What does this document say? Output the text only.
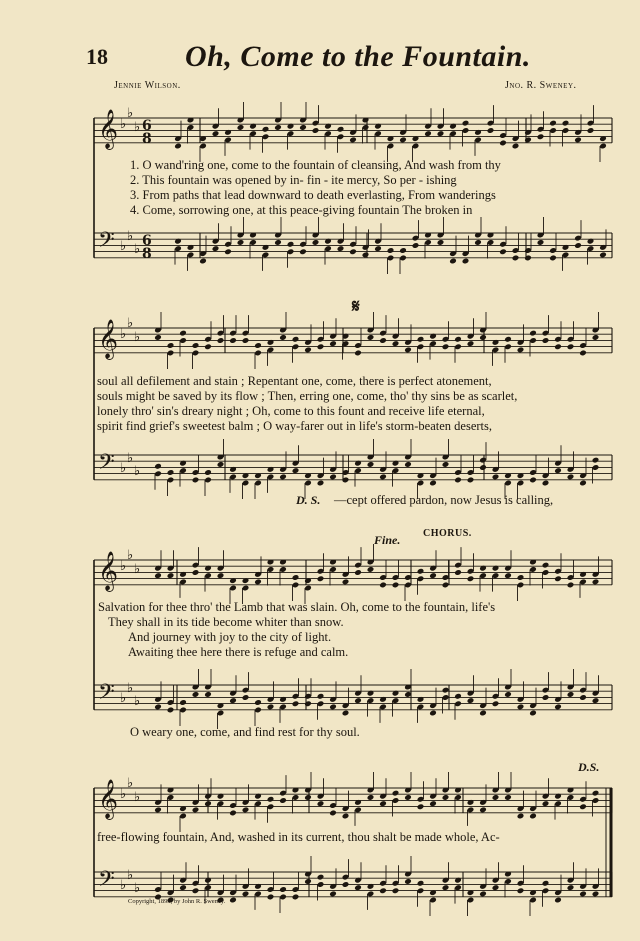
18	Oh, Come to the Fountain.
Jennie Wilson.	Jno. R. Sweney.
𝄞
𝄢
♭
♭
♭
♭
♭
♭
6
8
6
8
𝄞
𝄢
♭
♭
♭
♭
♭
♭
𝄞
𝄢
♭
♭
♭
♭
♭
♭
𝄞
𝄢
♭
♭
♭
♭
♭
♭
1. O wand'ring one, come to the fountain of cleansing, And wash from thy
2. This fountain was opened by in- fin - ite mercy, So per - ishing
3. From paths that lead downward to death everlasting, From wanderings
4. Come, sorrowing one, at this peace-giving fountain The broken in
𝄋
soul all defilement and stain ; Repentant one, come, there is perfect atonement,
souls might be saved by its flow ; Then, erring one, come, tho' thy sins be as scarlet,
lonely thro' sin's dreary night ; Oh, come to this fount and receive life eternal,
spirit find grief's sweetest balm ; O way-farer out in life's storm-beaten deserts,
D. S. —cept offered pardon, now Jesus is calling,
Fine. CHORUS.
Salvation for thee thro' the Lamb that was slain. Oh, come to the fountain, life's
They shall in its tide become whiter than snow.
And journey with joy to the city of light.
Awaiting thee here there is refuge and calm.
O weary one, come, and find rest for thy soul.
D.S.
free-flowing fountain, And, washed in its current, thou shalt be made whole, Ac-
Copyright, 1893, by John R. Sweney.
